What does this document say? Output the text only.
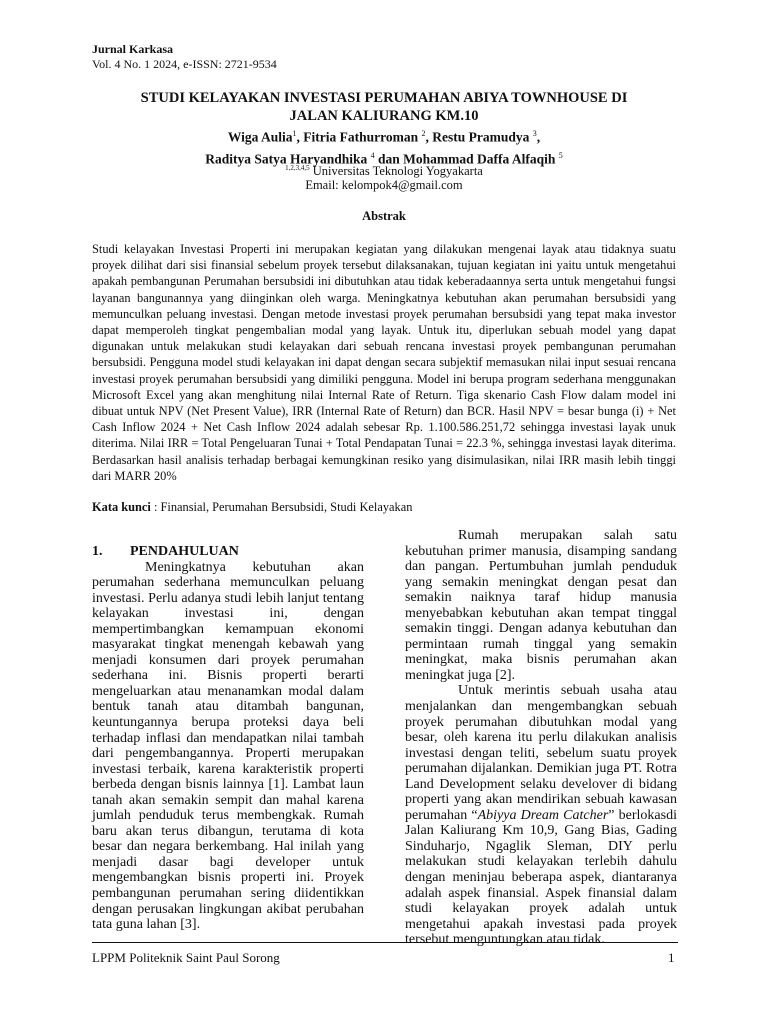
Jurnal Karkasa
Vol. 4 No. 1 2024, e-ISSN: 2721-9534
STUDI KELAYAKAN INVESTASI PERUMAHAN ABIYA TOWNHOUSE DI
JALAN KALIURANG KM.10
Wiga Aulia$^1$, Fitria Fathurroman $^2$, Restu Pramudya $^3$,
Raditya Satya Haryandhika $^4$ dan Mohammad Daffa Alfaqih $^5$
$^{1,2,3,4,5}$ Universitas Teknologi Yogyakarta
Email: kelompok4@gmail.com
Abstrak
Studi kelayakan Investasi Properti ini merupakan kegiatan yang dilakukan mengenai layak atau tidaknya suatu proyek dilihat dari sisi finansial sebelum proyek tersebut dilaksanakan, tujuan kegiatan ini yaitu untuk mengetahui apakah pembangunan Perumahan bersubsidi ini dibutuhkan atau tidak keberadaannya serta untuk mengetahui fungsi layanan bangunannya yang diinginkan oleh warga. Meningkatnya kebutuhan akan perumahan bersubsidi yang memunculkan peluang investasi. Dengan metode investasi proyek perumahan bersubsidi yang tepat maka investor dapat memperoleh tingkat pengembalian modal yang layak. Untuk itu, diperlukan sebuah model yang dapat digunakan untuk melakukan studi kelayakan dari sebuah rencana investasi proyek pembangunan perumahan bersubsidi. Pengguna model studi kelayakan ini dapat dengan secara subjektif memasukan nilai input sesuai rencana investasi proyek perumahan bersubsidi yang dimiliki pengguna. Model ini berupa program sederhana menggunakan Microsoft Excel yang akan menghitung nilai Internal Rate of Return. Tiga skenario Cash Flow dalam model ini dibuat untuk NPV (Net Present Value), IRR (Internal Rate of Return) dan BCR. Hasil NPV = besar bunga (i) + Net Cash Inflow 2024 + Net Cash Inflow 2024 adalah sebesar Rp. 1.100.586.251,72 sehingga investasi layak unuk diterima. Nilai IRR = Total Pengeluaran Tunai + Total Pendapatan Tunai = 22.3 %, sehingga investasi layak diterima. Berdasarkan hasil analisis terhadap berbagai kemungkinan resiko yang disimulasikan, nilai IRR masih lebih tinggi dari MARR 20%
Kata kunci : Finansial, Perumahan Bersubsidi, Studi Kelayakan
1. PENDAHULUAN

Meningkatnya kebutuhan akan perumahan sederhana memunculkan peluang investasi. Perlu adanya studi lebih lanjut tentang kelayakan investasi ini, dengan mempertimbangkan kemampuan ekonomi masyarakat tingkat menengah kebawah yang menjadi konsumen dari proyek perumahan sederhana ini. Bisnis properti berarti mengeluarkan atau menanamkan modal dalam bentuk tanah atau ditambah bangunan, keuntungannya berupa proteksi daya beli terhadap inflasi dan mendapatkan nilai tambah dari pengembangannya. Properti merupakan investasi terbaik, karena karakteristik properti berbeda dengan bisnis lainnya [1]. Lambat laun tanah akan semakin sempit dan mahal karena jumlah penduduk terus membengkak. Rumah baru akan terus dibangun, terutama di kota besar dan negara berkembang. Hal inilah yang menjadi dasar bagi developer untuk mengembangkan bisnis properti ini. Proyek pembangunan perumahan sering diidentikkan dengan perusakan lingkungan akibat perubahan tata guna lahan [3].

Rumah merupakan salah satu kebutuhan primer manusia, disamping sandang dan pangan. Pertumbuhan jumlah penduduk yang semakin meningkat dengan pesat dan semakin naiknya taraf hidup manusia menyebabkan kebutuhan akan tempat tinggal semakin tinggi. Dengan adanya kebutuhan dan permintaan rumah tinggal yang semakin meningkat, maka bisnis perumahan akan meningkat juga [2].

Untuk merintis sebuah usaha atau menjalankan dan mengembangkan sebuah proyek perumahan dibutuhkan modal yang besar, oleh karena itu perlu dilakukan analisis investasi dengan teliti, sebelum suatu proyek perumahan dijalankan. Demikian juga PT. Rotra Land Development selaku develover di bidang properti yang akan mendirikan sebuah kawasan perumahan “Abiyya Dream Catcher” berlokasdi Jalan Kaliurang Km 10,9, Gang Bias, Gading Sinduharjo, Ngaglik Sleman, DIY perlu melakukan studi kelayakan terlebih dahulu dengan meninjau beberapa aspek, diantaranya adalah aspek finansial. Aspek finansial dalam studi kelayakan proyek adalah untuk mengetahui apakah investasi pada proyek tersebut menguntungkan atau tidak.

LPPM Politeknik Saint Paul Sorong	1
